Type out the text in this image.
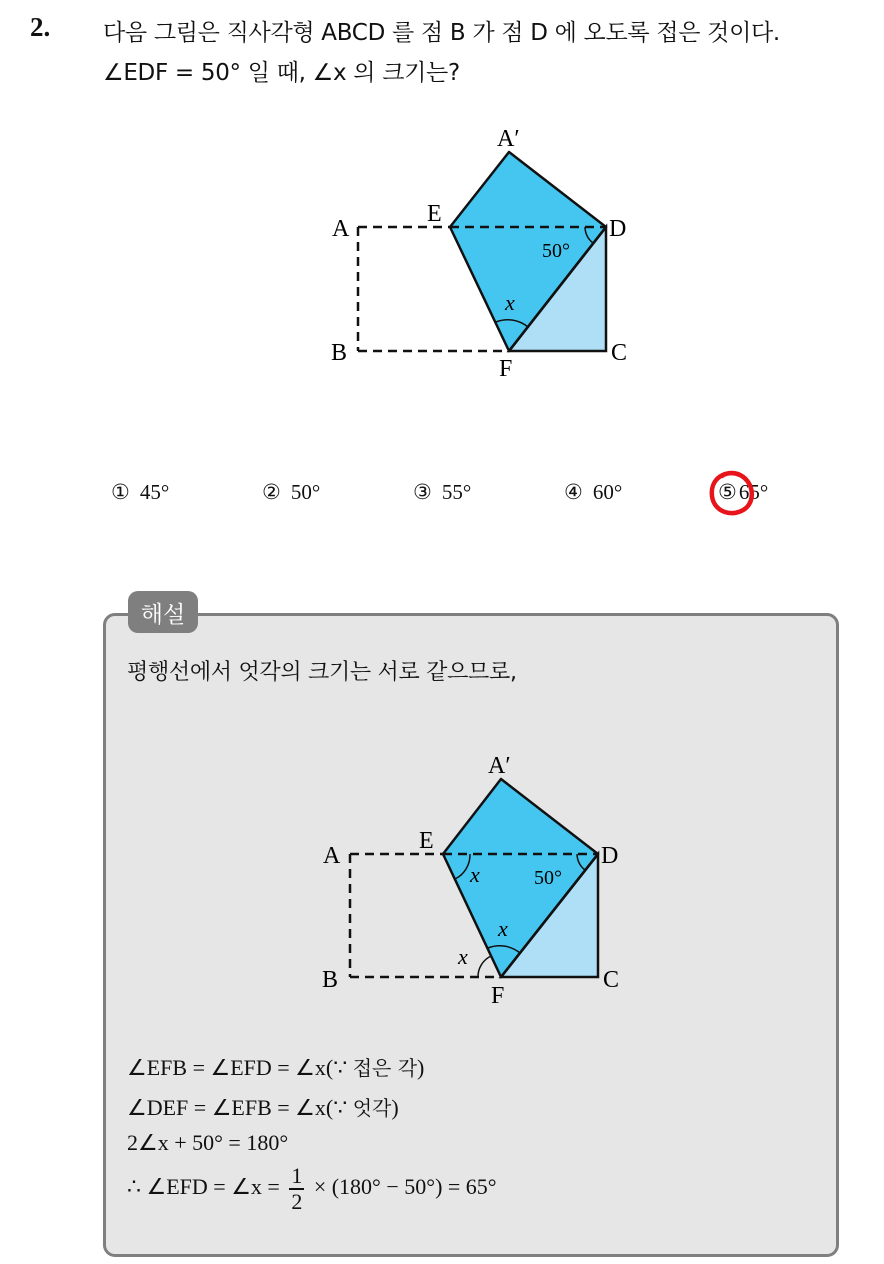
2. 다음 그림은 직사각형 ABCD 를 점 B 가 점 D 에 오도록 접은 것이다.
∠EDF = 50° 일 때, ∠x 의 크기는?
50°
x
A′
E
A	D
B
F
C
① 45°	② 50°	③ 55°	④ 60°	⑤65°
해설
평행선에서 엇각의 크기는 서로 같으므로,
50°
x
x
x
A′
E
A	D
B
F
C
∠EFB = ∠EFD = ∠x(∵ 접은 각)
∠DEF = ∠EFB = ∠x(∵ 엇각)
2∠x + 50° = 180°
∴ ∠EFD = ∠x = $\frac{1}{2} \times (180^\circ - 50^\circ) = 65^\circ$
